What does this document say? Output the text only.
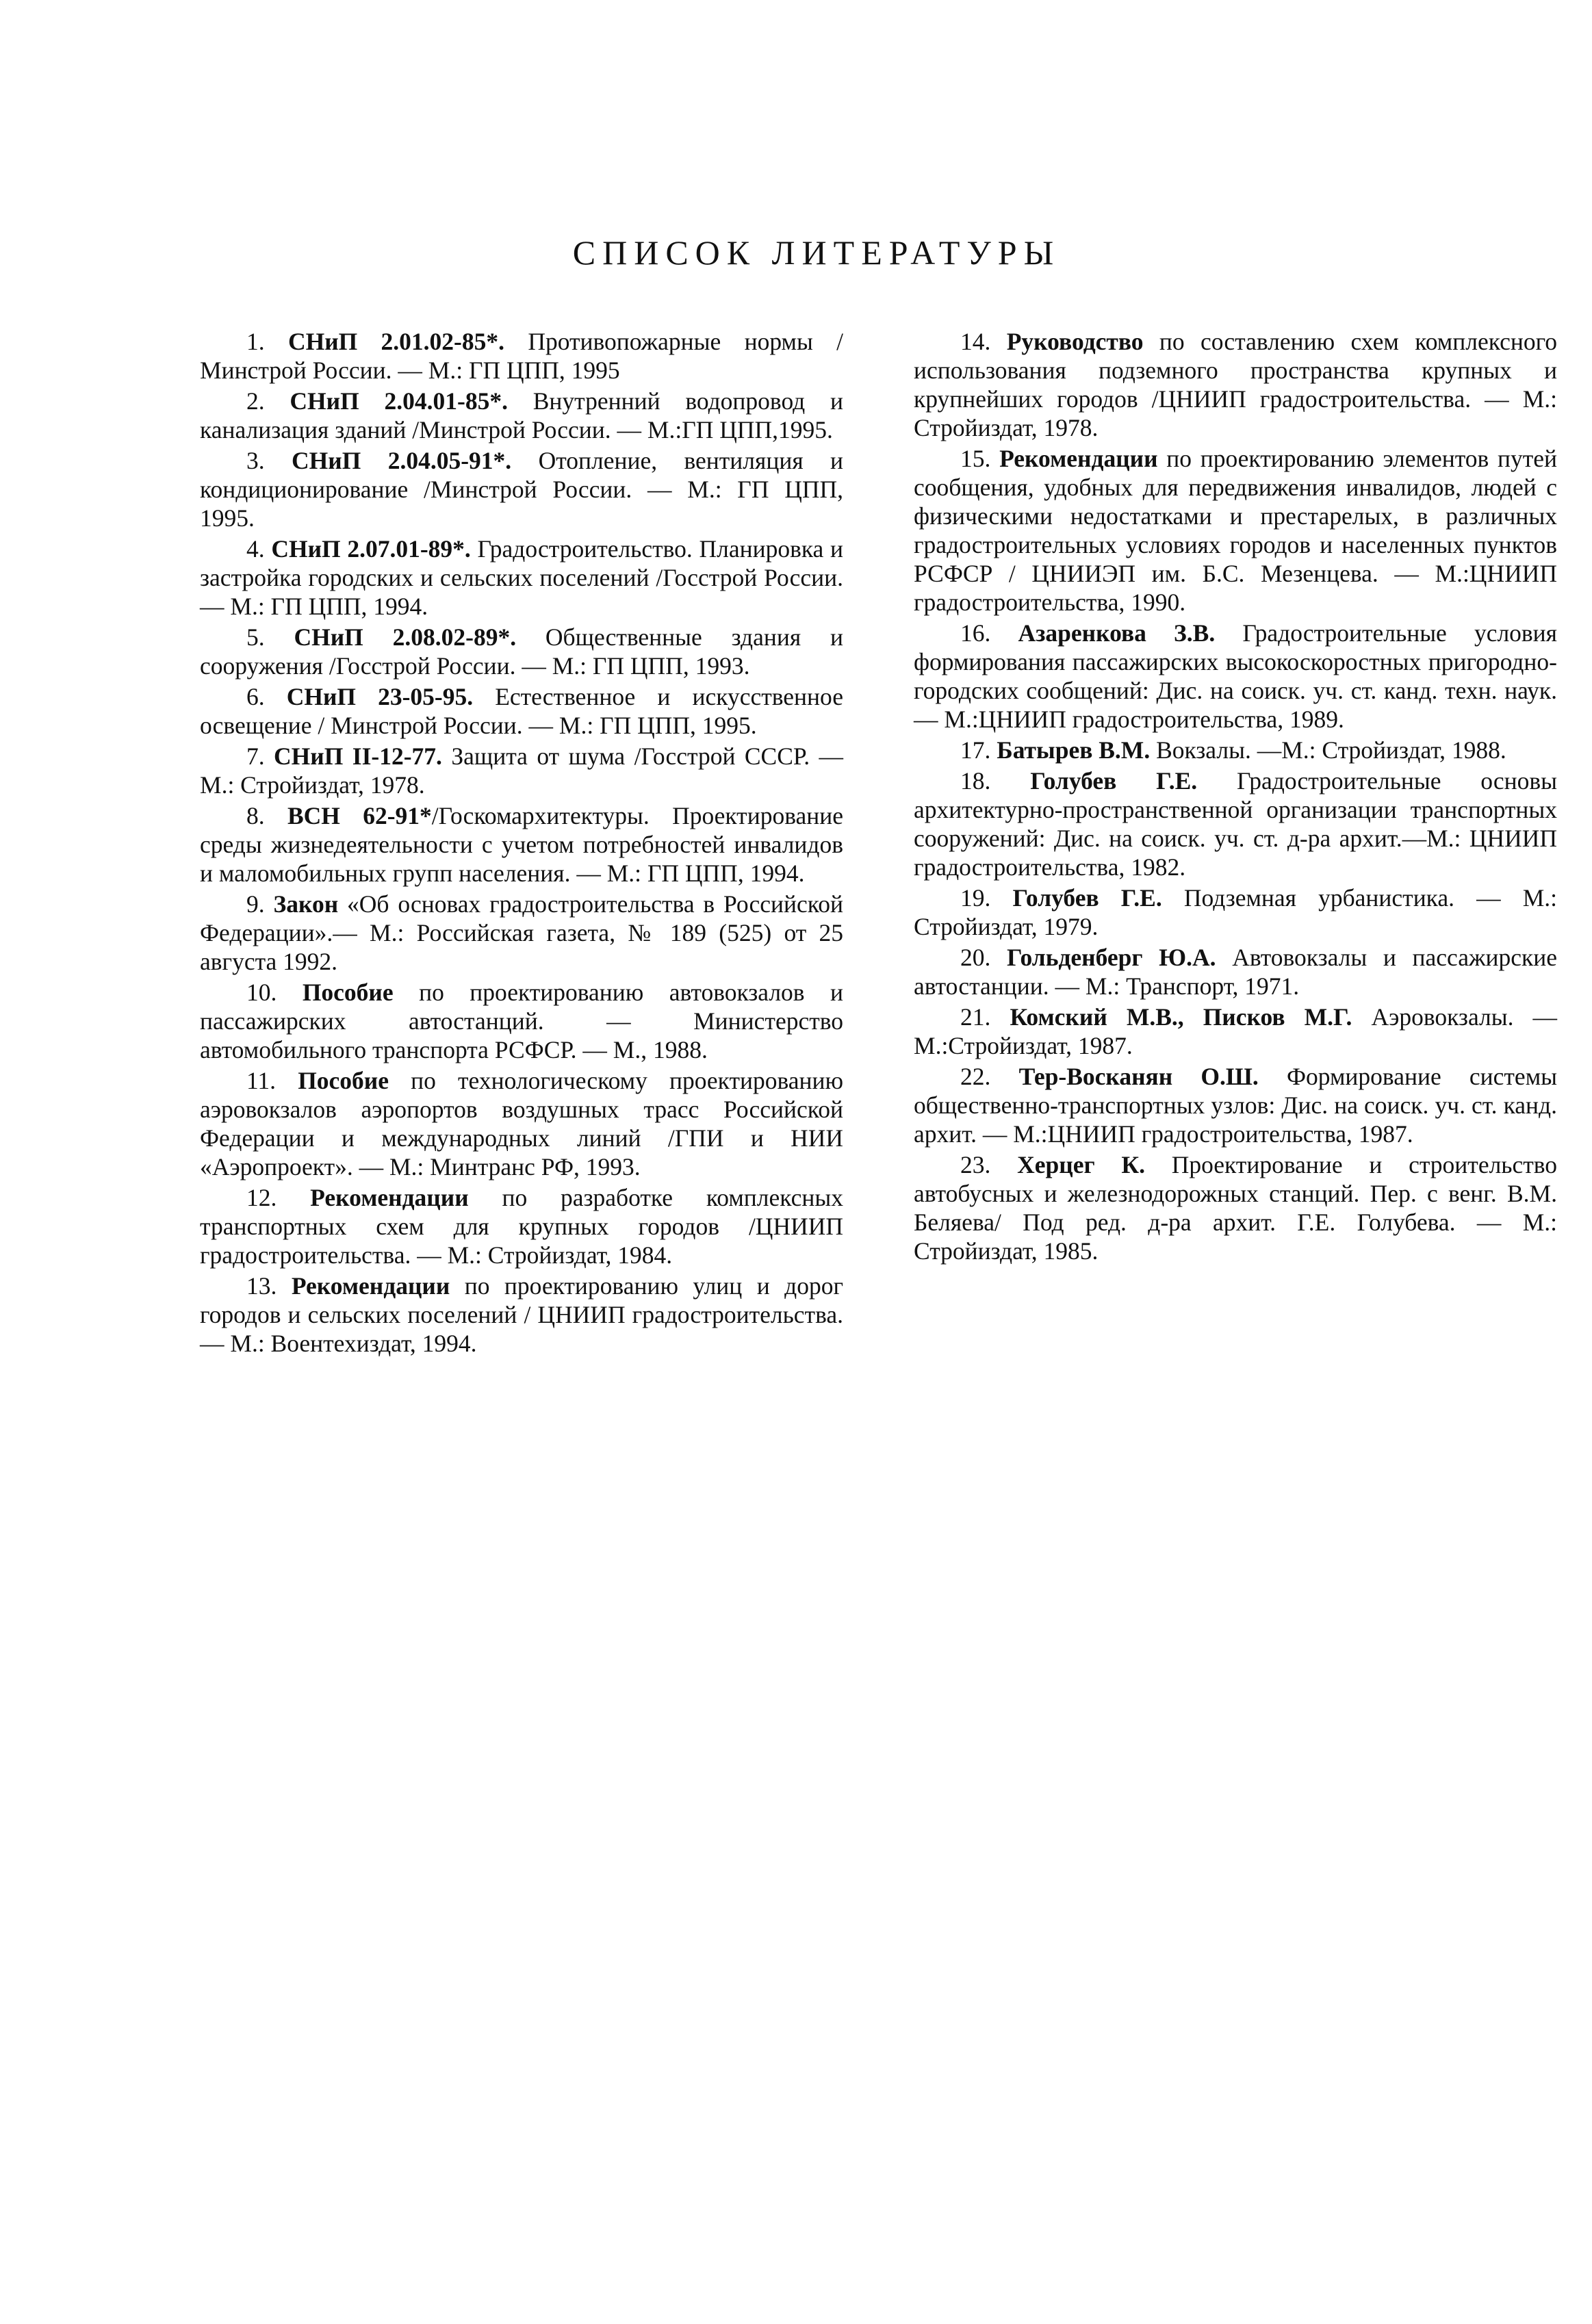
СПИСОК ЛИТЕРАТУРЫ

1. СНиП 2.01.02-85*. Противопожарные нормы /Минстрой России. — М.: ГП ЦПП, 1995

2. СНиП 2.04.01-85*. Внутренний водопровод и канализация зданий /Минстрой России. — М.:ГП ЦПП,1995.

3. СНиП 2.04.05-91*. Отопление, вентиляция и кондиционирование /Минстрой России. — М.: ГП ЦПП, 1995.

4. СНиП 2.07.01-89*. Градостроительство. Планировка и застройка городских и сельских поселений /Госстрой России. — М.: ГП ЦПП, 1994.

5. СНиП 2.08.02-89*. Общественные здания и сооружения /Госстрой России. — М.: ГП ЦПП, 1993.

6. СНиП 23-05-95. Естественное и искусственное освещение / Минстрой России. — М.: ГП ЦПП, 1995.

7. СНиП II-12-77. Защита от шума /Госстрой СССР. — М.: Стройиздат, 1978.

8. ВСН 62-91*/Госкомархитектуры. Проектирование среды жизнедеятельности с учетом потребностей инвалидов и маломобильных групп населения. — М.: ГП ЦПП, 1994.

9. Закон «Об основах градостроительства в Российской Федерации».— М.: Российская газета, № 189 (525) от 25 августа 1992.

10. Пособие по проектированию автовокзалов и пассажирских автостанций. — Министерство автомобильного транспорта РСФСР. — М., 1988.

11. Пособие по технологическому проектированию аэровокзалов аэропортов воздушных трасс Российской Федерации и международных линий /ГПИ и НИИ «Аэропроект». — М.: Минтранс РФ, 1993.

12. Рекомендации по разработке комплексных транспортных схем для крупных городов /ЦНИИП градостроительства. — М.: Стройиздат, 1984.

13. Рекомендации по проектированию улиц и дорог городов и сельских поселений / ЦНИИП градостроительства. — М.: Воентехиздат, 1994.

14. Руководство по составлению схем комплексного использования подземного пространства крупных и крупнейших городов /ЦНИИП градостроительства. — М.: Стройиздат, 1978.

15. Рекомендации по проектированию элементов путей сообщения, удобных для передвижения инвалидов, людей с физическими недостатками и престарелых, в различных градостроительных условиях городов и населенных пунктов РСФСР / ЦНИИЭП им. Б.С. Мезенцева. — М.:ЦНИИП градостроительства, 1990.

16. Азаренкова З.В. Градостроительные условия формирования пассажирских высокоскоростных пригородно-городских сообщений: Дис. на соиск. уч. ст. канд. техн. наук. — М.:ЦНИИП градостроительства, 1989.

17. Батырев В.М. Вокзалы. —М.: Стройиздат, 1988.

18. Голубев Г.Е. Градостроительные основы архитектурно-пространственной организации транспортных сооружений: Дис. на соиск. уч. ст. д-ра архит.—М.: ЦНИИП градостроительства, 1982.

19. Голубев Г.Е. Подземная урбанистика. — М.: Стройиздат, 1979.

20. Гольденберг Ю.А. Автовокзалы и пассажирские автостанции. — М.: Транспорт, 1971.

21. Комский М.В., Писков М.Г. Аэровокзалы. — М.:Стройиздат, 1987.

22. Тер-Восканян О.Ш. Формирование системы общественно-транспортных узлов: Дис. на соиск. уч. ст. канд. архит. — М.:ЦНИИП градостроительства, 1987.

23. Херцег К. Проектирование и строительство автобусных и железнодорожных станций. Пер. с венг. В.М. Беляева/ Под ред. д-ра архит. Г.Е. Голубева. — М.: Стройиздат, 1985.
